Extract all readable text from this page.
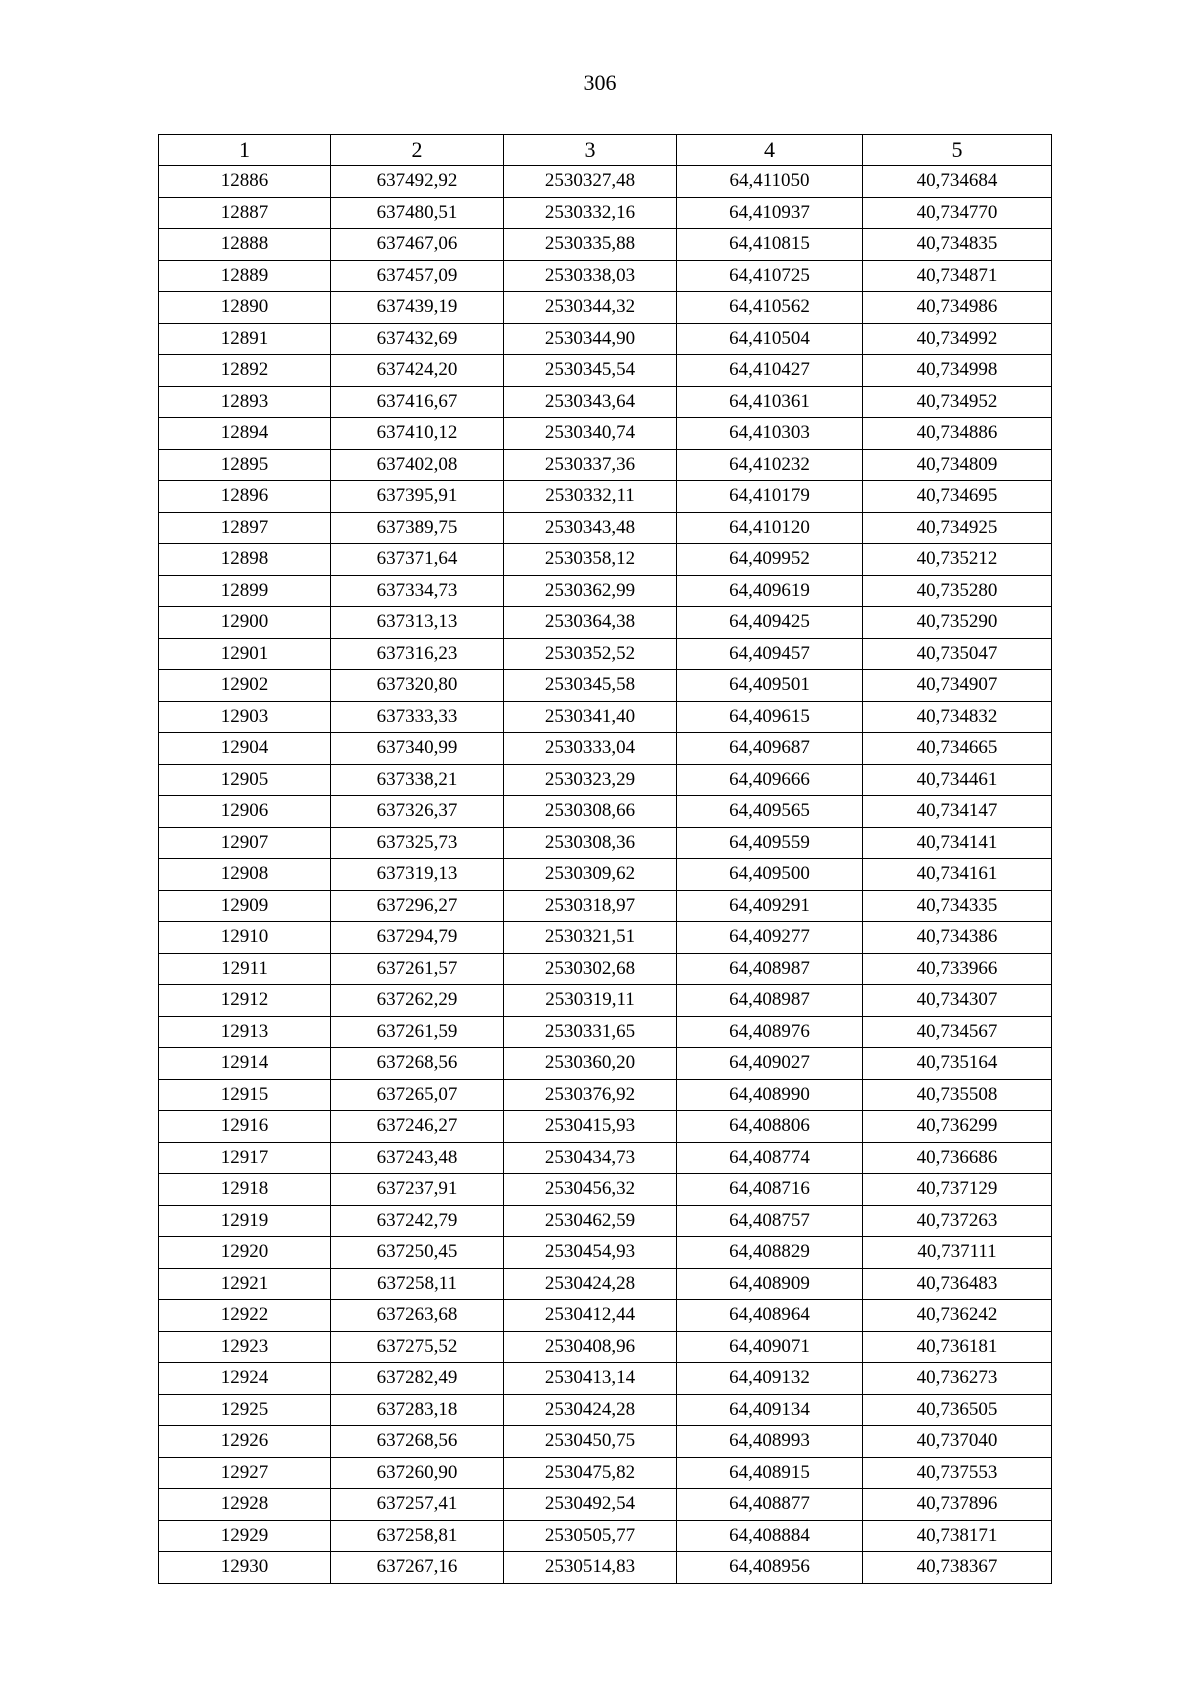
306
1	2	3	4	5
12886	637492,92	2530327,48	64,411050	40,734684
12887	637480,51	2530332,16	64,410937	40,734770
12888	637467,06	2530335,88	64,410815	40,734835
12889	637457,09	2530338,03	64,410725	40,734871
12890	637439,19	2530344,32	64,410562	40,734986
12891	637432,69	2530344,90	64,410504	40,734992
12892	637424,20	2530345,54	64,410427	40,734998
12893	637416,67	2530343,64	64,410361	40,734952
12894	637410,12	2530340,74	64,410303	40,734886
12895	637402,08	2530337,36	64,410232	40,734809
12896	637395,91	2530332,11	64,410179	40,734695
12897	637389,75	2530343,48	64,410120	40,734925
12898	637371,64	2530358,12	64,409952	40,735212
12899	637334,73	2530362,99	64,409619	40,735280
12900	637313,13	2530364,38	64,409425	40,735290
12901	637316,23	2530352,52	64,409457	40,735047
12902	637320,80	2530345,58	64,409501	40,734907
12903	637333,33	2530341,40	64,409615	40,734832
12904	637340,99	2530333,04	64,409687	40,734665
12905	637338,21	2530323,29	64,409666	40,734461
12906	637326,37	2530308,66	64,409565	40,734147
12907	637325,73	2530308,36	64,409559	40,734141
12908	637319,13	2530309,62	64,409500	40,734161
12909	637296,27	2530318,97	64,409291	40,734335
12910	637294,79	2530321,51	64,409277	40,734386
12911	637261,57	2530302,68	64,408987	40,733966
12912	637262,29	2530319,11	64,408987	40,734307
12913	637261,59	2530331,65	64,408976	40,734567
12914	637268,56	2530360,20	64,409027	40,735164
12915	637265,07	2530376,92	64,408990	40,735508
12916	637246,27	2530415,93	64,408806	40,736299
12917	637243,48	2530434,73	64,408774	40,736686
12918	637237,91	2530456,32	64,408716	40,737129
12919	637242,79	2530462,59	64,408757	40,737263
12920	637250,45	2530454,93	64,408829	40,737111
12921	637258,11	2530424,28	64,408909	40,736483
12922	637263,68	2530412,44	64,408964	40,736242
12923	637275,52	2530408,96	64,409071	40,736181
12924	637282,49	2530413,14	64,409132	40,736273
12925	637283,18	2530424,28	64,409134	40,736505
12926	637268,56	2530450,75	64,408993	40,737040
12927	637260,90	2530475,82	64,408915	40,737553
12928	637257,41	2530492,54	64,408877	40,737896
12929	637258,81	2530505,77	64,408884	40,738171
12930	637267,16	2530514,83	64,408956	40,738367
